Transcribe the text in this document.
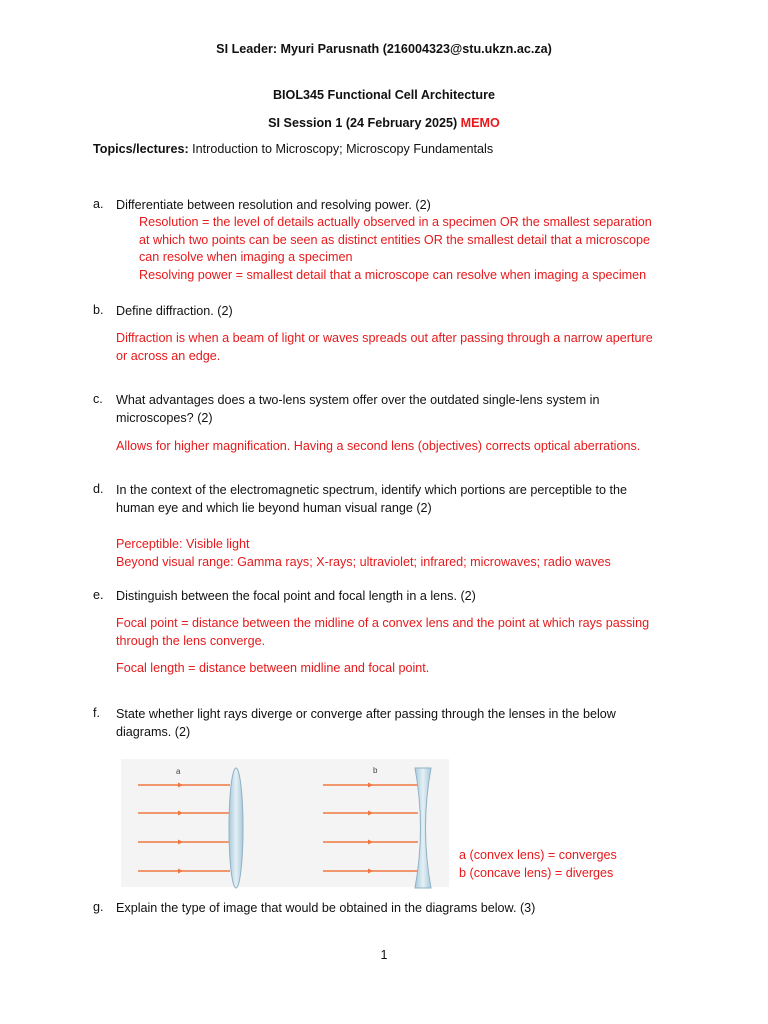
SI Leader: Myuri Parusnath (216004323@stu.ukzn.ac.za)
BIOL345 Functional Cell Architecture
SI Session 1 (24 February 2025) MEMO
Topics/lectures: Introduction to Microscopy; Microscopy Fundamentals
a. Differentiate between resolution and resolving power. (2)
Resolution = the level of details actually observed in a specimen OR the smallest separation
at which two points can be seen as distinct entities OR the smallest detail that a microscope
can resolve when imaging a specimen
Resolving power = smallest detail that a microscope can resolve when imaging a specimen
b. Define diffraction. (2)
Diffraction is when a beam of light or waves spreads out after passing through a narrow aperture
or across an edge.
c. What advantages does a two-lens system offer over the outdated single-lens system in
microscopes? (2)
Allows for higher magnification. Having a second lens (objectives) corrects optical aberrations.
d. In the context of the electromagnetic spectrum, identify which portions are perceptible to the
human eye and which lie beyond human visual range (2)
Perceptible: Visible light
Beyond visual range: Gamma rays; X-rays; ultraviolet; infrared; microwaves; radio waves
e. Distinguish between the focal point and focal length in a lens. (2)
Focal point = distance between the midline of a convex lens and the point at which rays passing
through the lens converge.
Focal length = distance between midline and focal point.
f. State whether light rays diverge or converge after passing through the lenses in the below
diagrams. (2)
a	b
a (convex lens) = converges
b (concave lens) = diverges
g. Explain the type of image that would be obtained in the diagrams below. (3)
1
